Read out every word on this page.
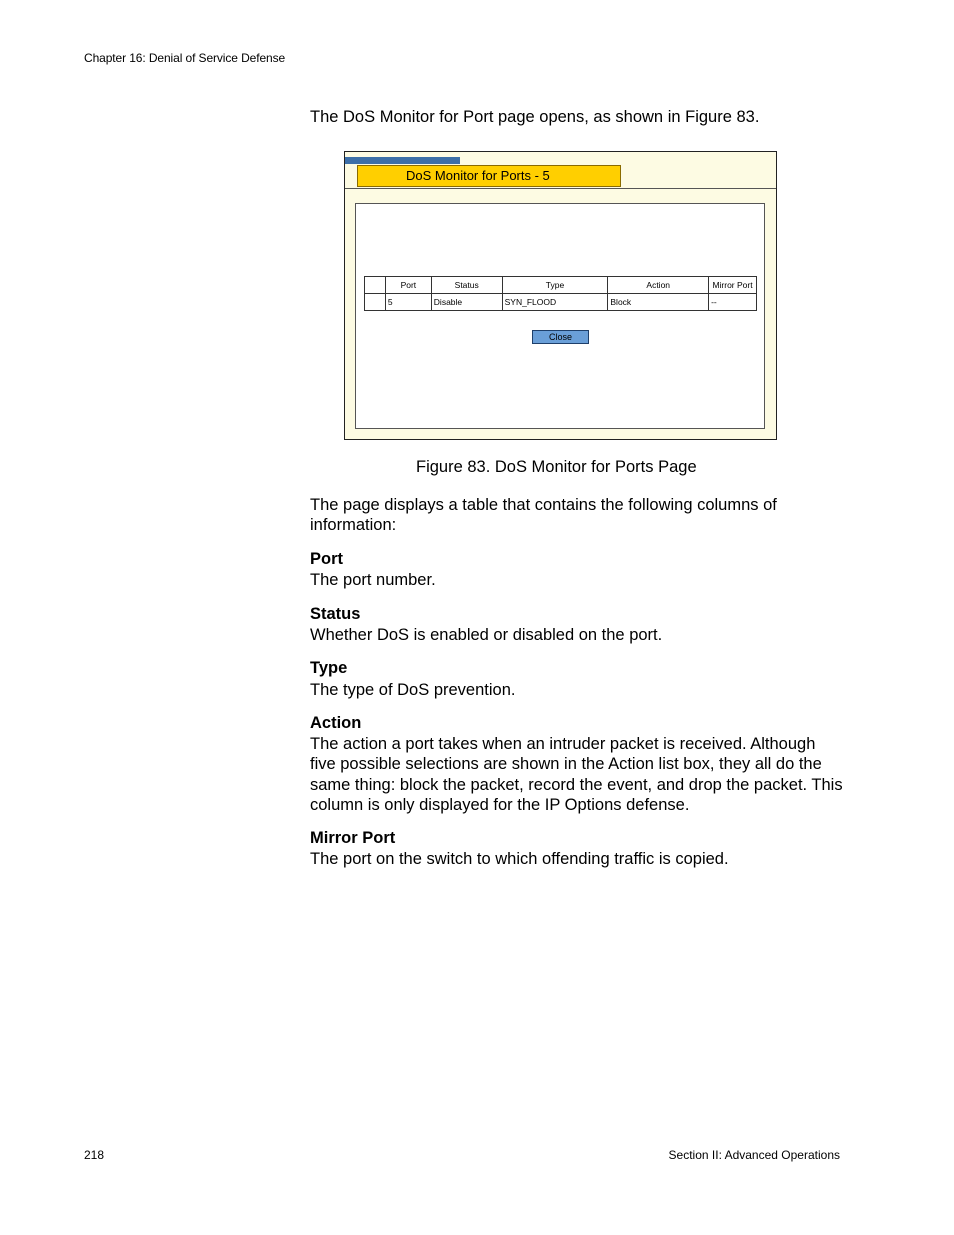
Chapter 16: Denial of Service Defense
The DoS Monitor for Port page opens, as shown in Figure 83.
DoS Monitor for Ports - 5
	Port	Status	Type	Action	Mirror Port
	5	Disable	SYN_FLOOD	Block	--
Close
Figure 83. DoS Monitor for Ports Page
The page displays a table that contains the following columns of information:
Port
The port number.
Status
Whether DoS is enabled or disabled on the port.
Type
The type of DoS prevention.
Action
The action a port takes when an intruder packet is received. Although five possible selections are shown in the Action list box, they all do the same thing: block the packet, record the event, and drop the packet. This column is only displayed for the IP Options defense.
Mirror Port
The port on the switch to which offending traffic is copied.
218	Section II: Advanced Operations
